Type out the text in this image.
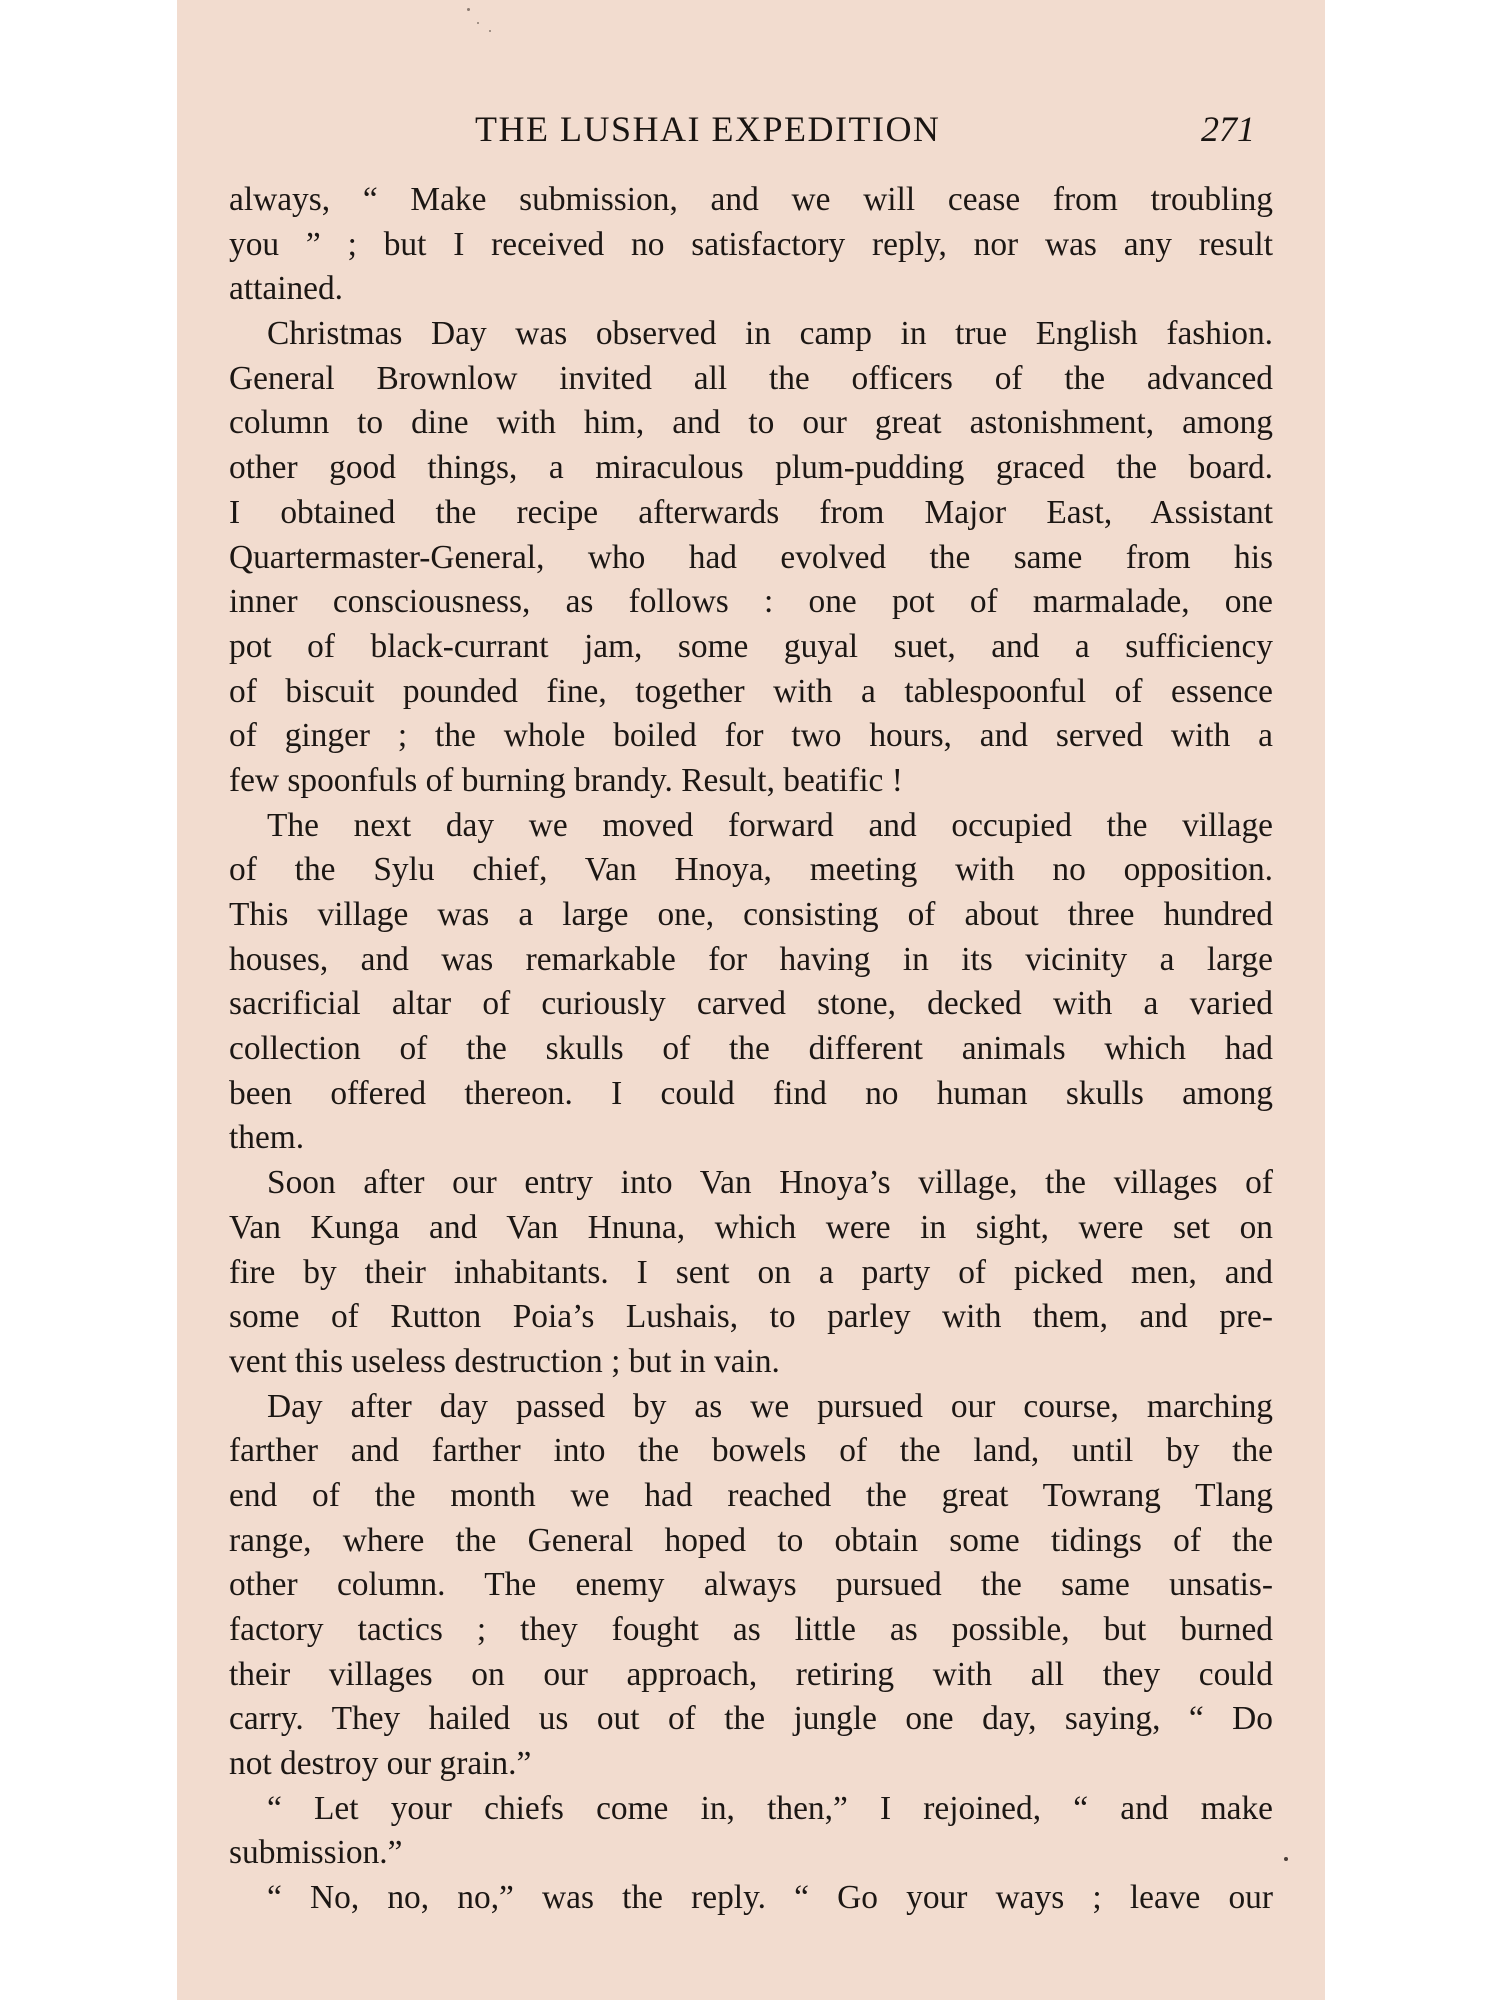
THE LUSHAI EXPEDITION	271
always, “ Make submission, and we will cease from troubling
you ” ; but I received no satisfactory reply, nor was any result
attained.
Christmas Day was observed in camp in true English fashion.
General Brownlow invited all the officers of the advanced
column to dine with him, and to our great astonishment, among
other good things, a miraculous plum-pudding graced the board.
I obtained the recipe afterwards from Major East, Assistant
Quartermaster-General, who had evolved the same from his
inner consciousness, as follows : one pot of marmalade, one
pot of black-currant jam, some guyal suet, and a sufficiency
of biscuit pounded fine, together with a tablespoonful of essence
of ginger ; the whole boiled for two hours, and served with a
few spoonfuls of burning brandy. Result, beatific !
The next day we moved forward and occupied the village
of the Sylu chief, Van Hnoya, meeting with no opposition.
This village was a large one, consisting of about three hundred
houses, and was remarkable for having in its vicinity a large
sacrificial altar of curiously carved stone, decked with a varied
collection of the skulls of the different animals which had
been offered thereon. I could find no human skulls among
them.
Soon after our entry into Van Hnoya’s village, the villages of
Van Kunga and Van Hnuna, which were in sight, were set on
fire by their inhabitants. I sent on a party of picked men, and
some of Rutton Poia’s Lushais, to parley with them, and pre-
vent this useless destruction ; but in vain.
Day after day passed by as we pursued our course, marching
farther and farther into the bowels of the land, until by the
end of the month we had reached the great Towrang Tlang
range, where the General hoped to obtain some tidings of the
other column. The enemy always pursued the same unsatis-
factory tactics ; they fought as little as possible, but burned
their villages on our approach, retiring with all they could
carry. They hailed us out of the jungle one day, saying, “ Do
not destroy our grain.”
“ Let your chiefs come in, then,” I rejoined, “ and make
submission.”
“ No, no, no,” was the reply. “ Go your ways ; leave our
